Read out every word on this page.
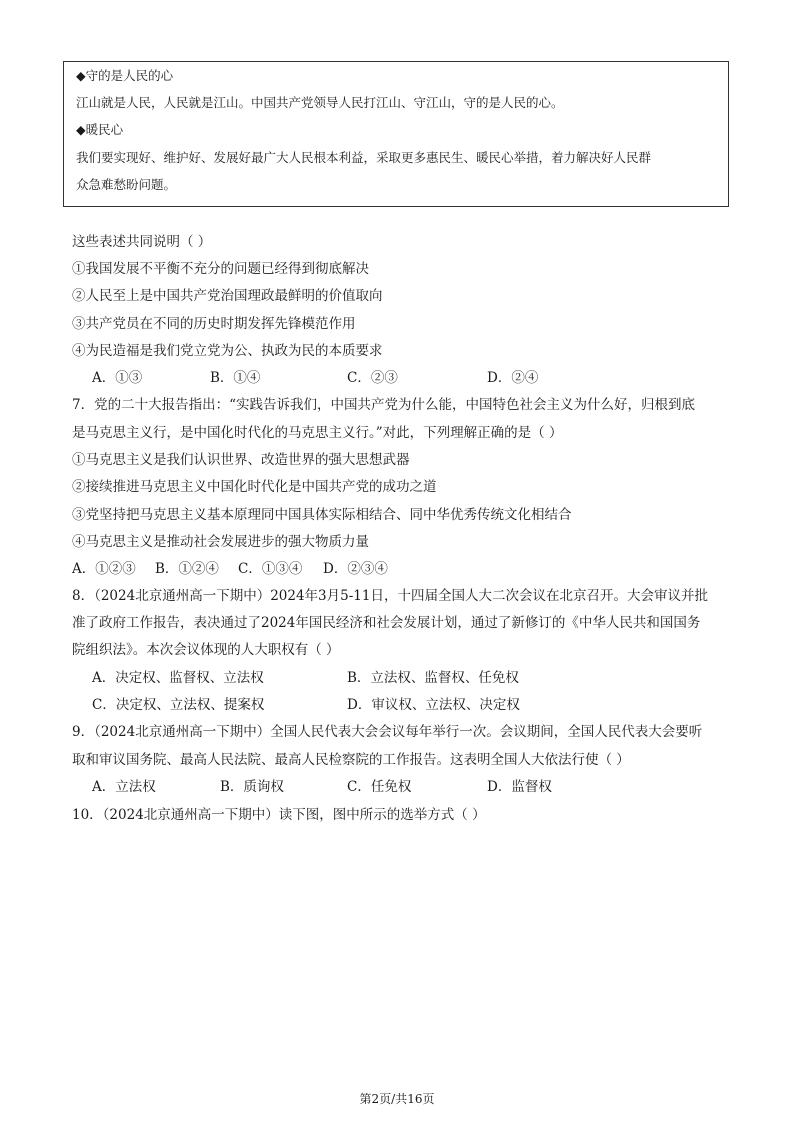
◆守的是人民的心
江山就是人民，人民就是江山。中国共产党领导人民打江山、守江山，守的是人民的心。
◆暖民心
我们要实现好、维护好、发展好最广大人民根本利益，采取更多惠民生、暖民心举措，着力解决好人民群
众急难愁盼问题。
这些表述共同说明（ ）
①我国发展不平衡不充分的问题已经得到彻底解决
②人民至上是中国共产党治国理政最鲜明的价值取向
③共产党员在不同的历史时期发挥先锋模范作用
④为民造福是我们党立党为公、执政为民的本质要求
A．①③	B．①④	C．②③	D．②④
7．党的二十大报告指出：“实践告诉我们，中国共产党为什么能，中国特色社会主义为什么好，归根到底
是马克思主义行，是中国化时代化的马克思主义行。”对此，下列理解正确的是（ ）
①马克思主义是我们认识世界、改造世界的强大思想武器
②接续推进马克思主义中国化时代化是中国共产党的成功之道
③党坚持把马克思主义基本原理同中国具体实际相结合、同中华优秀传统文化相结合
④马克思主义是推动社会发展进步的强大物质力量
A．①②③ B．①②④ C．①③④ D．②③④
8．（2024北京通州高一下期中）2024年3月5-11日，十四届全国人大二次会议在北京召开。大会审议并批
准了政府工作报告，表决通过了2024年国民经济和社会发展计划，通过了新修订的《中华人民共和国国务
院组织法》。本次会议体现的人大职权有（ ）
A．决定权、监督权、立法权	B．立法权、监督权、任免权
C．决定权、立法权、提案权	D．审议权、立法权、决定权
9．（2024北京通州高一下期中）全国人民代表大会会议每年举行一次。会议期间，全国人民代表大会要听
取和审议国务院、最高人民法院、最高人民检察院的工作报告。这表明全国人大依法行使（ ）
A．立法权	B．质询权	C．任免权	D．监督权
10．（2024北京通州高一下期中）读下图，图中所示的选举方式（ ）
第2页/共16页
